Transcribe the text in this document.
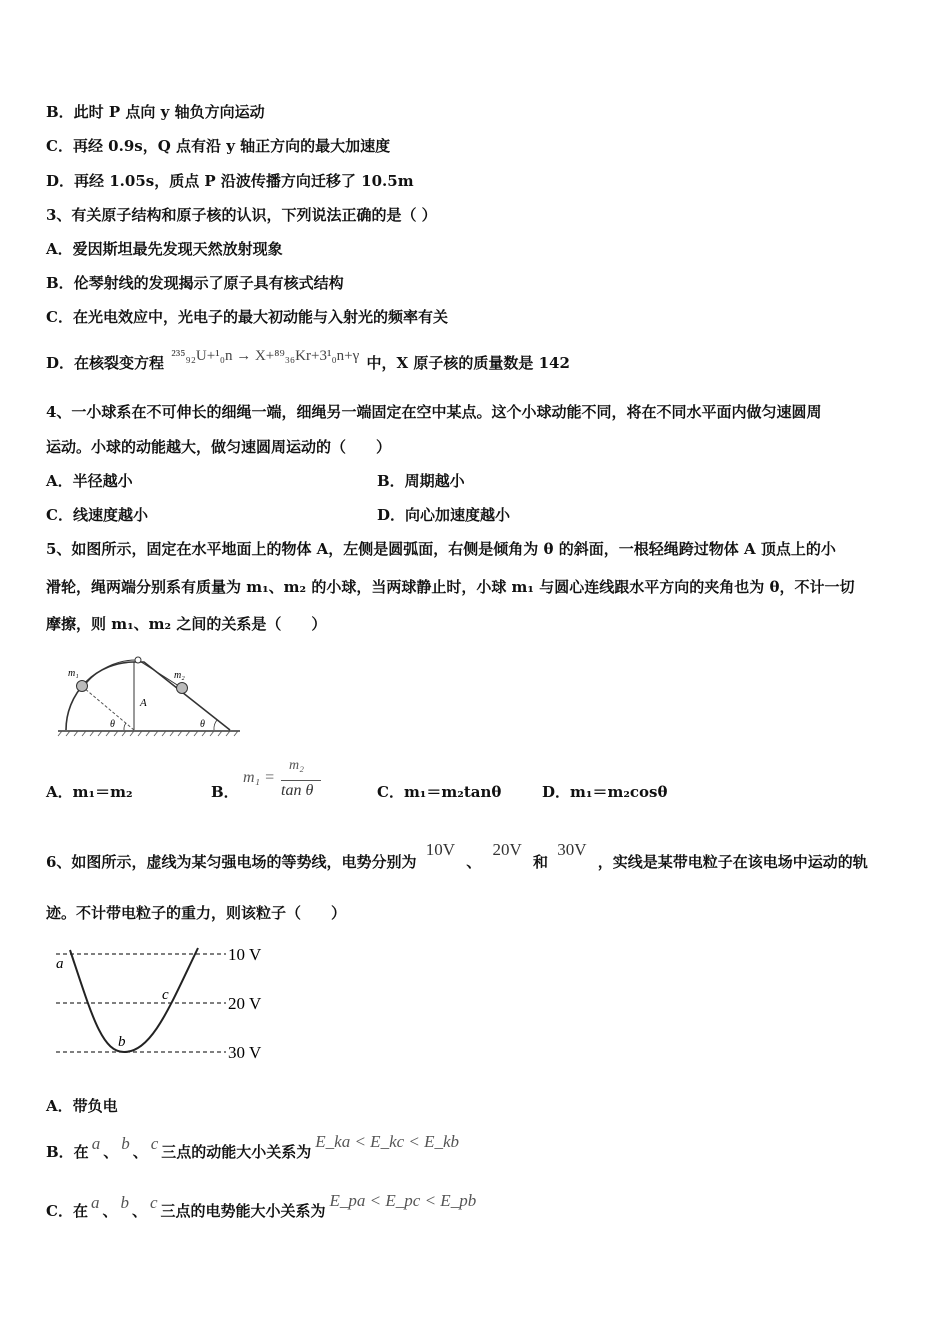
B．此时 P 点向 y 轴负方向运动
C．再经 0.9s，Q 点有沿 y 轴正方向的最大加速度
D．再经 1.05s，质点 P 沿波传播方向迁移了 10.5m
3、有关原子结构和原子核的认识，下列说法正确的是（ ）
A．爱因斯坦最先发现天然放射现象
B．伦琴射线的发现揭示了原子具有核式结构
C．在光电效应中，光电子的最大初动能与入射光的频率有关
D．在核裂变方程 ²³⁵₉₂U+¹₀n → X+⁸⁹₃₆Kr+3¹₀n+γ 中，X 原子核的质量数是 142
4、一小球系在不可伸长的细绳一端，细绳另一端固定在空中某点。这个小球动能不同，将在不同水平面内做匀速圆周
运动。小球的动能越大，做匀速圆周运动的（　　）
A．半径越小	B．周期越小
C．线速度越小	D．向心加速度越小
5、如图所示，固定在水平地面上的物体 A，左侧是圆弧面，右侧是倾角为 θ 的斜面，一根轻绳跨过物体 A 顶点上的小
滑轮，绳两端分别系有质量为 m₁、m₂ 的小球，当两球静止时，小球 m₁ 与圆心连线跟水平方向的夹角也为 θ，不计一切
摩擦，则 m₁、m₂ 之间的关系是（　　）
m₁	m₂
A
θ	θ
A．m₁＝m₂	B．
m₁ =
m₂
tan θ	C．m₁＝m₂tanθ	D．m₁＝m₂cosθ
6、如图所示，虚线为某匀强电场的等势线，电势分别为 10V 、 20V 和 30V ，实线是某带电粒子在该电场中运动的轨
迹。不计带电粒子的重力，则该粒子（　　）
10 V
20 V
30 V
a
b
c
A．带负电
B．在 a 、 b 、 c 三点的动能大小关系为E_ka < E_kc < E_kb
C．在 a 、 b 、 c 三点的电势能大小关系为E_pa < E_pc < E_pb
